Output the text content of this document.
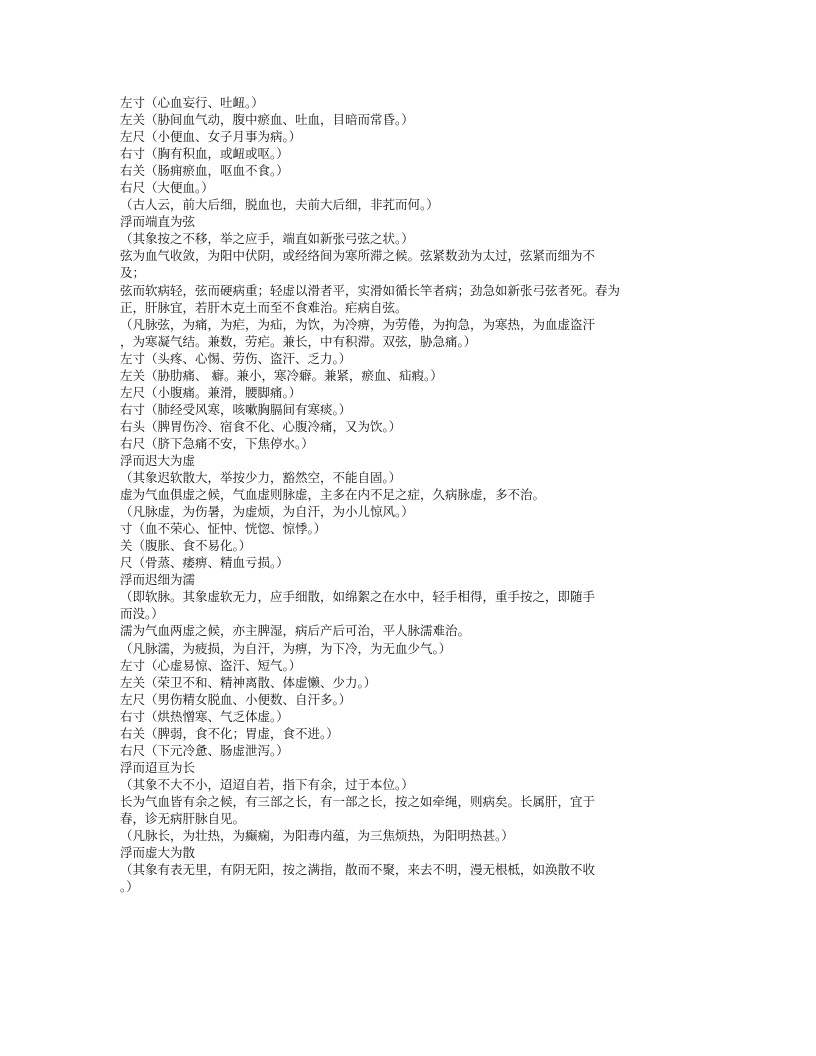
左寸（心血妄行、吐衄。）
左关（胁间血气动，腹中瘀血、吐血，目暗而常昏。）
左尺（小便血、女子月事为病。）
右寸（胸有积血，或衄或呕。）
右关（肠痈瘀血，呕血不食。）
右尺（大便血。）
（古人云，前大后细，脱血也，夫前大后细，非芤而何。）
浮而端直为弦
（其象按之不移，举之应手，端直如新张弓弦之状。）
弦为血气收敛，为阳中伏阴，或经络间为寒所滞之候。弦紧数劲为太过，弦紧而细为不
及；
弦而软病轻，弦而硬病重；轻虚以滑者平，实滑如循长竿者病；劲急如新张弓弦者死。春为
正，肝脉宜，若肝木克土而至不食难治。疟病自弦。
（凡脉弦，为痛，为疟，为疝，为饮，为冷痹，为劳倦，为拘急，为寒热，为血虚盗汗
，为寒凝气结。兼数，劳疟。兼长，中有积滞。双弦，胁急痛。）
左寸（头疼、心惕、劳伤、盗汗、乏力。）
左关（胁肋痛、 癖。兼小，寒冷癖。兼紧，瘀血、疝瘕。）
左尺（小腹痛。兼滑，腰脚痛。）
右寸（肺经受风寒，咳嗽胸膈间有寒痰。）
右头（脾胃伤冷、宿食不化、心腹冷痛，又为饮。）
右尺（脐下急痛不安，下焦停水。）
浮而迟大为虚
（其象迟软散大，举按少力，豁然空，不能自固。）
虚为气血俱虚之候，气血虚则脉虚，主多在内不足之症，久病脉虚，多不治。
（凡脉虚，为伤暑，为虚烦，为自汗，为小儿惊风。）
寸（血不荣心、怔忡、恍惚、惊悸。）
关（腹胀、食不易化。）
尺（骨蒸、痿痹、精血亏损。）
浮而迟细为濡
（即软脉。其象虚软无力，应手细散，如绵絮之在水中，轻手相得，重手按之，即随手
而没。）
濡为气血两虚之候，亦主脾湿，病后产后可治，平人脉濡难治。
（凡脉濡，为疲损，为自汗，为痹，为下冷，为无血少气。）
左寸（心虚易惊、盗汗、短气。）
左关（荣卫不和、精神离散、体虚懒、少力。）
左尺（男伤精女脱血、小便数、自汗多。）
右寸（烘热憎寒、气乏体虚。）
右关（脾弱，食不化；胃虚，食不进。）
右尺（下元冷惫、肠虚泄泻。）
浮而迢亘为长
（其象不大不小，迢迢自若，指下有余，过于本位。）
长为气血皆有余之候，有三部之长，有一部之长，按之如牵绳，则病矣。长属肝，宜于
春，诊无病肝脉自见。
（凡脉长，为壮热，为癫痫，为阳毒内蕴，为三焦烦热，为阳明热甚。）
浮而虚大为散
（其象有表无里，有阴无阳，按之满指，散而不聚，来去不明，漫无根柢，如涣散不收
。）
